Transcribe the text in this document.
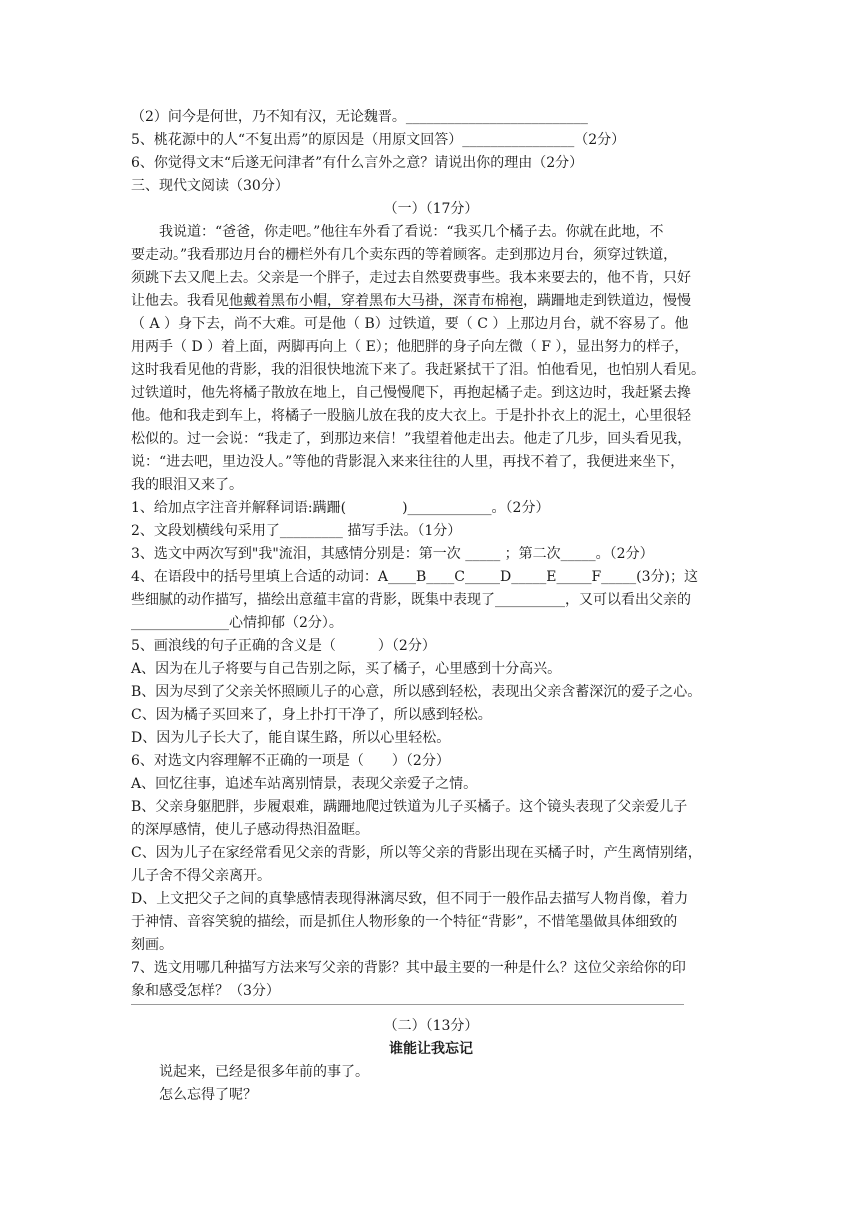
（2）问今是何世，乃不知有汉，无论魏晋。__________________________
5、桃花源中的人“不复出焉”的原因是（用原文回答）________________（2分）
6、你觉得文末“后遂无问津者”有什么言外之意？请说出你的理由（2分）
三、现代文阅读（30分）
（一）（17分）
　　我说道：“爸爸，你走吧。”他往车外看了看说：“我买几个橘子去。你就在此地，不
要走动。”我看那边月台的栅栏外有几个卖东西的等着顾客。走到那边月台，须穿过铁道，
须跳下去又爬上去。父亲是一个胖子，走过去自然要费事些。我本来要去的，他不肯，只好
让他去。我看见他戴着黑布小帽，穿着黑布大马褂，深青布棉袍，蹒跚地走到铁道边，慢慢
（ A ）身下去，尚不大难。可是他（ B）过铁道，要（ C ）上那边月台，就不容易了。他
用两手（ D ）着上面，两脚再向上（ E）；他肥胖的身子向左微（ F ），显出努力的样子，
这时我看见他的背影，我的泪很快地流下来了。我赶紧拭干了泪。怕他看见，也怕别人看见。
过铁道时，他先将橘子散放在地上，自己慢慢爬下，再抱起橘子走。到这边时，我赶紧去搀
他。他和我走到车上，将橘子一股脑儿放在我的皮大衣上。于是扑扑衣上的泥土，心里很轻
松似的。过一会说：“我走了，到那边来信！”我望着他走出去。他走了几步，回头看见我，
说：“进去吧，里边没人。”等他的背影混入来来往往的人里，再找不着了，我便进来坐下，
我的眼泪又来了。
1、给加点字注音并解释词语:蹒跚(　　　　)____________。（2分）
2、文段划横线句采用了_________ 描写手法。（1分）
3、选文中两次写到"我"流泪，其感情分别是：第一次 _____ ；第二次_____。（2分）
4、在语段中的括号里填上合适的动词：A____B____C_____D_____E_____F_____(3分)；这
些细腻的动作描写，描绘出意蕴丰富的背影，既集中表现了__________，又可以看出父亲的
______________心情抑郁（2分）。
5、画浪线的句子正确的含义是（　　　）（2分）
A、因为在儿子将要与自己告别之际，买了橘子，心里感到十分高兴。
B、因为尽到了父亲关怀照顾儿子的心意，所以感到轻松，表现出父亲含蓄深沉的爱子之心。
C、因为橘子买回来了，身上扑打干净了，所以感到轻松。
D、因为儿子长大了，能自谋生路，所以心里轻松。
6、对选文内容理解不正确的一项是（　　）（2分）
A、回忆往事，追述车站离别情景，表现父亲爱子之情。
B、父亲身躯肥胖，步履艰难，蹒跚地爬过铁道为儿子买橘子。这个镜头表现了父亲爱儿子
的深厚感情，使儿子感动得热泪盈眶。
C、因为儿子在家经常看见父亲的背影，所以等父亲的背影出现在买橘子时，产生离情别绪，
儿子舍不得父亲离开。
D、上文把父子之间的真挚感情表现得淋漓尽致，但不同于一般作品去描写人物肖像，着力
于神情、音容笑貌的描绘，而是抓住人物形象的一个特征“背影”，不惜笔墨做具体细致的
刻画。
7、选文用哪几种描写方法来写父亲的背影？其中最主要的一种是什么？这位父亲给你的印
象和感受怎样？（3分）
（二）（13分）
谁能让我忘记
　　说起来，已经是很多年前的事了。
　　怎么忘得了呢？
